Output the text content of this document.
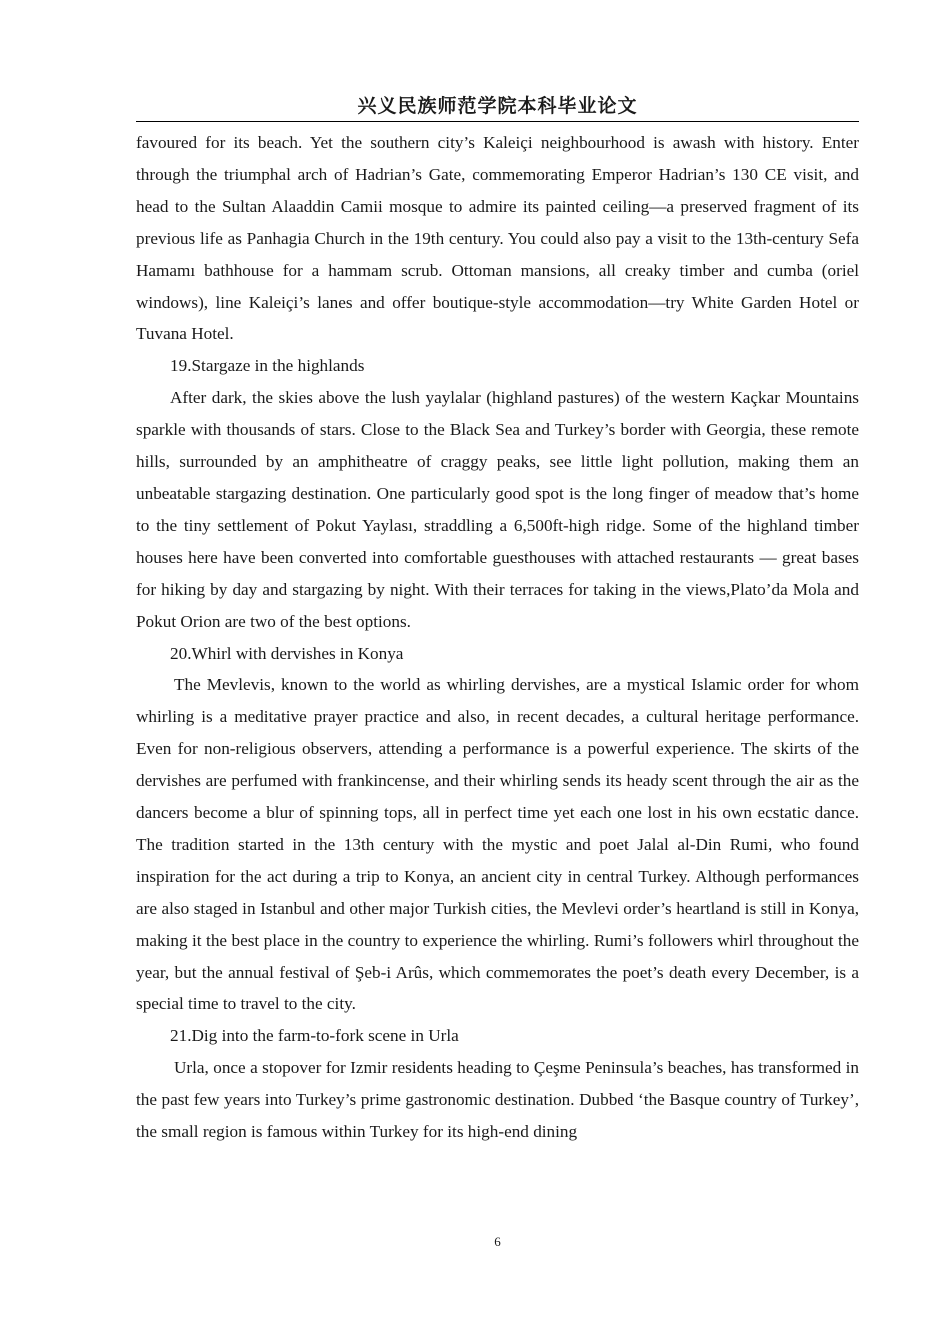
兴义民族师范学院本科毕业论文

favoured for its beach. Yet the southern city’s Kaleiçi neighbourhood is awash with history. Enter through the triumphal arch of Hadrian’s Gate, commemorating Emperor Hadrian’s 130 CE visit, and head to the Sultan Alaaddin Camii mosque to admire its painted ceiling—a preserved fragment of its previous life as Panhagia Church in the 19th century. You could also pay a visit to the 13th-century Sefa Hamamı bathhouse for a hammam scrub. Ottoman mansions, all creaky timber and cumba (oriel windows), line Kaleiçi’s lanes and offer boutique-style accommodation—try White Garden Hotel or Tuvana Hotel.

19.Stargaze in the highlands

After dark, the skies above the lush yaylalar (highland pastures) of the western Kaçkar Mountains sparkle with thousands of stars. Close to the Black Sea and Turkey’s border with Georgia, these remote hills, surrounded by an amphitheatre of craggy peaks, see little light pollution, making them an unbeatable stargazing destination. One particularly good spot is the long finger of meadow that’s home to the tiny settlement of Pokut Yaylası, straddling a 6,500ft-high ridge. Some of the highland timber houses here have been converted into comfortable guesthouses with attached restaurants — great bases for hiking by day and stargazing by night. With their terraces for taking in the views,Plato’da Mola and Pokut Orion are two of the best options.

20.Whirl with dervishes in Konya

The Mevlevis, known to the world as whirling dervishes, are a mystical Islamic order for whom whirling is a meditative prayer practice and also, in recent decades, a cultural heritage performance. Even for non-religious observers, attending a performance is a powerful experience. The skirts of the dervishes are perfumed with frankincense, and their whirling sends its heady scent through the air as the dancers become a blur of spinning tops, all in perfect time yet each one lost in his own ecstatic dance. The tradition started in the 13th century with the mystic and poet Jalal al-Din Rumi, who found inspiration for the act during a trip to Konya, an ancient city in central Turkey. Although performances are also staged in Istanbul and other major Turkish cities, the Mevlevi order’s heartland is still in Konya, making it the best place in the country to experience the whirling. Rumi’s followers whirl throughout the year, but the annual festival of Şeb-i Arûs, which commemorates the poet’s death every December, is a special time to travel to the city.

21.Dig into the farm-to-fork scene in Urla

Urla, once a stopover for Izmir residents heading to Çeşme Peninsula’s beaches, has transformed in the past few years into Turkey’s prime gastronomic destination. Dubbed ‘the Basque country of Turkey’, the small region is famous within Turkey for its high-end dining

6
